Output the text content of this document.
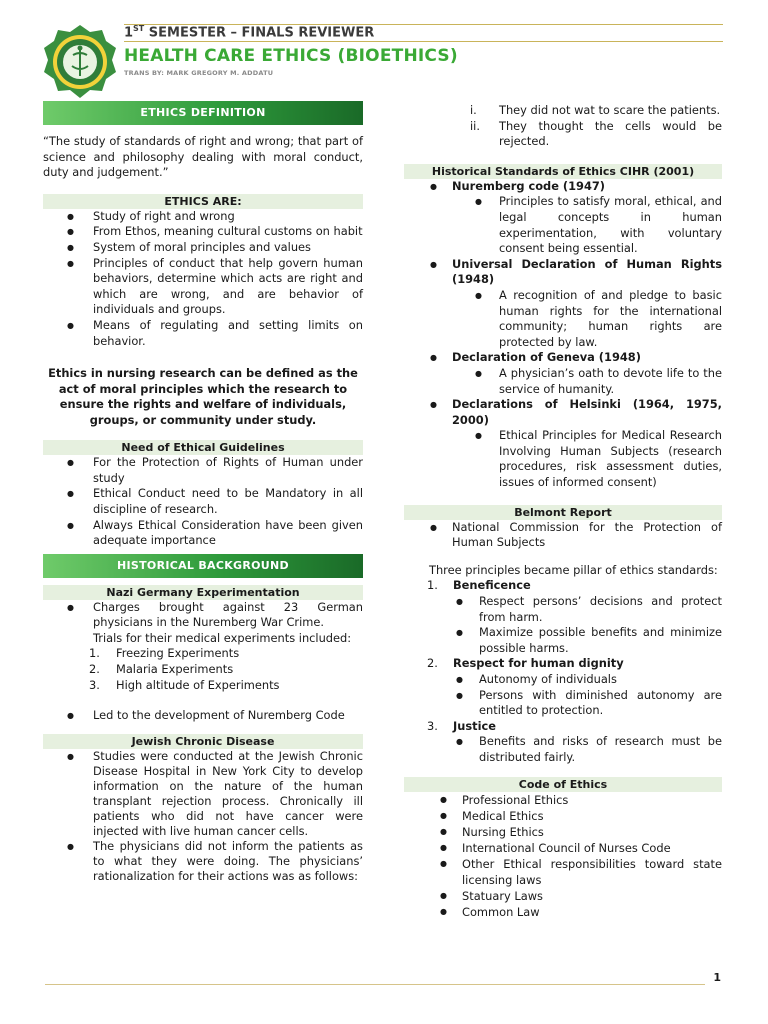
1ST SEMESTER – FINALS REVIEWER
HEALTH CARE ETHICS (BIOETHICS)
TRANS BY: MARK GREGORY M. ADDATU
ETHICS DEFINITION

“The study of standards of right and wrong; that part of science and philosophy dealing with moral conduct, duty and judgement.”

ETHICS ARE:
● Study of right and wrong
● From Ethos, meaning cultural customs on habit
● System of moral principles and values
● Principles of conduct that help govern human behaviors, determine which acts are right and which are wrong, and are behavior of individuals and groups.
● Means of regulating and setting limits on behavior.

Ethics in nursing research can be defined as the act of moral principles which the research to ensure the rights and welfare of individuals, groups, or community under study.

Need of Ethical Guidelines
● For the Protection of Rights of Human under study
● Ethical Conduct need to be Mandatory in all discipline of research.
● Always Ethical Consideration have been given adequate importance
HISTORICAL BACKGROUND
Nazi Germany Experimentation
● Charges brought against 23 German physicians in the Nuremberg War Crime.

Trials for their medical experiments included:

1. Freezing Experiments
2. Malaria Experiments
3. High altitude of Experiments
● Led to the development of Nuremberg Code
Jewish Chronic Disease
● Studies were conducted at the Jewish Chronic Disease Hospital in New York City to develop information on the nature of the human transplant rejection process. Chronically ill patients who did not have cancer were injected with live human cancer cells.
● The physicians did not inform the patients as to what they were doing. The physicians’ rationalization for their actions was as follows:
i. They did not wat to scare the patients.
ii. They thought the cells would be rejected.
Historical Standards of Ethics CIHR (2001)
● Nuremberg code (1947)
● Principles to satisfy moral, ethical, and legal concepts in human experimentation, with voluntary consent being essential.
● Universal Declaration of Human Rights (1948)
● A recognition of and pledge to basic human rights for the international community; human rights are protected by law.
● Declaration of Geneva (1948)
● A physician’s oath to devote life to the service of humanity.
● Declarations of Helsinki (1964, 1975, 2000)
● Ethical Principles for Medical Research Involving Human Subjects (research procedures, risk assessment duties, issues of informed consent)
Belmont Report
● National Commission for the Protection of Human Subjects

Three principles became pillar of ethics standards:

1. Beneficence
● Respect persons’ decisions and protect from harm.
● Maximize possible benefits and minimize possible harms.
2. Respect for human dignity
● Autonomy of individuals
● Persons with diminished autonomy are entitled to protection.
3. Justice
● Benefits and risks of research must be distributed fairly.
Code of Ethics
● Professional Ethics
● Medical Ethics
● Nursing Ethics
● International Council of Nurses Code
● Other Ethical responsibilities toward state licensing laws
● Statuary Laws
● Common Law
1
